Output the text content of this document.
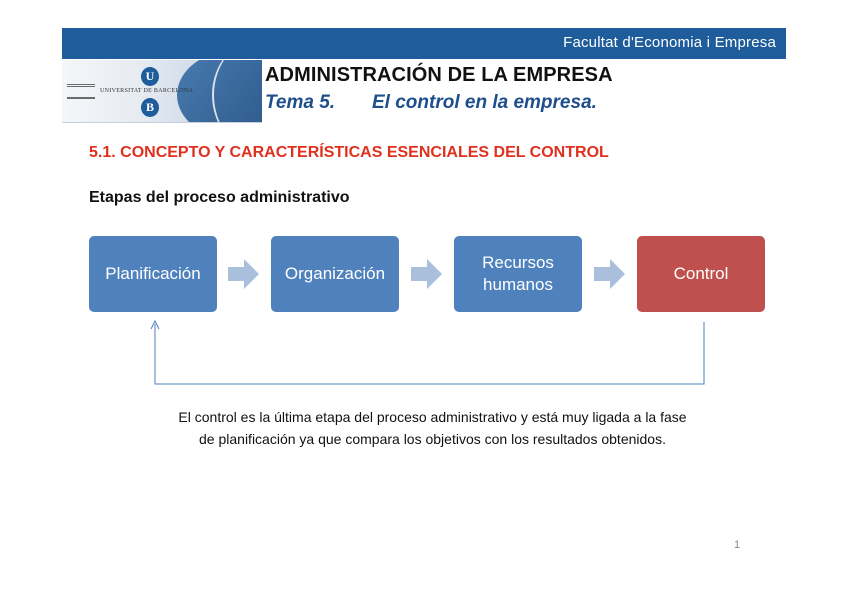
Facultat d'Economia i Empresa
UNIVERSITAT DE BARCELONA
U
B
ADMINISTRACIÓN DE LA EMPRESA
Tema 5.       El control en la empresa.
5.1. CONCEPTO Y CARACTERÍSTICAS ESENCIALES DEL CONTROL
Etapas del proceso administrativo
Planificación	Organización
Recursos humanos
Control
El control es la última etapa del proceso administrativo y está muy ligada a la fase de planificación ya que compara los objetivos con los resultados obtenidos.
1
